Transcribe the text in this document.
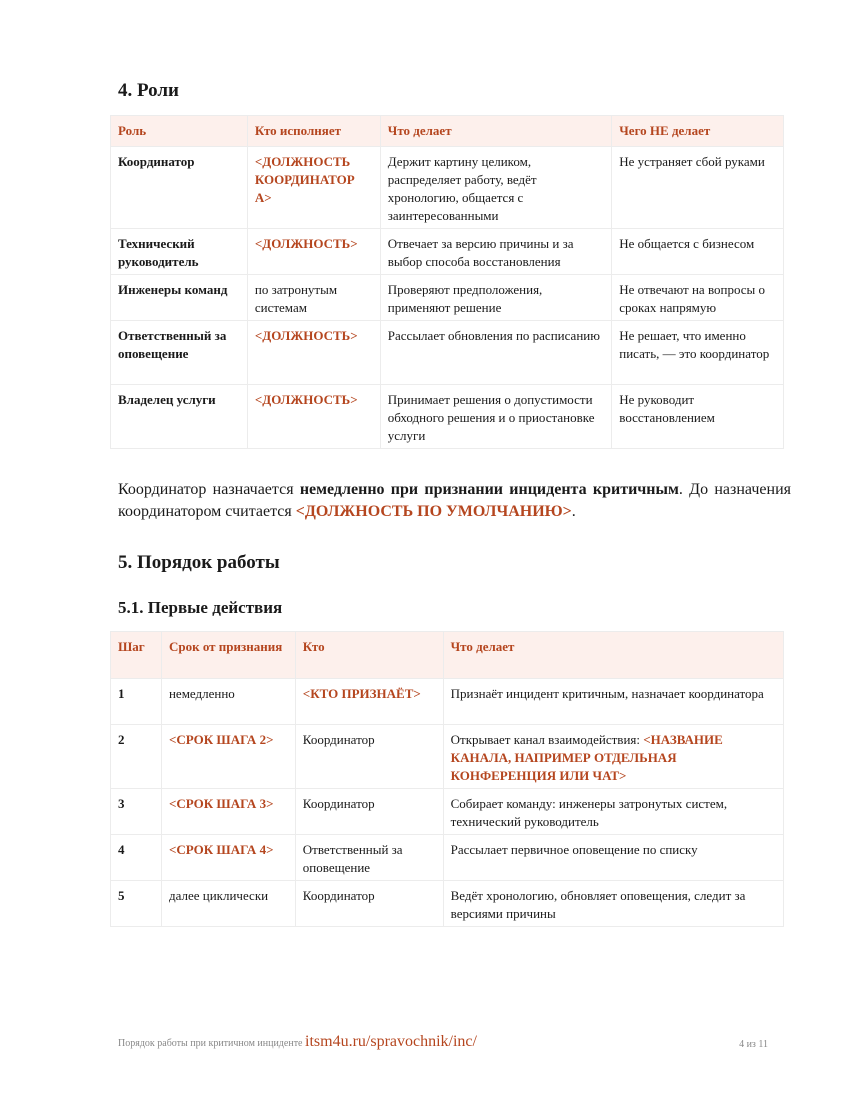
4. Роли
Роль	Кто исполняет	Что делает	Чего НЕ делает
Координатор	<ДОЛЖНОСТЬ КООРДИНАТОР А>	Держит картину целиком, распределяет работу, ведёт хронологию, общается с заинтересованными	Не устраняет сбой руками
Технический руководитель	<ДОЛЖНОСТЬ>	Отвечает за версию причины и за выбор способа восстановления	Не общается с бизнесом
Инженеры команд	по затронутым системам	Проверяют предположения, применяют решение	Не отвечают на вопросы о сроках напрямую
Ответственный за оповещение	<ДОЛЖНОСТЬ>	Рассылает обновления по расписанию	Не решает, что именно писать, — это координатор
Владелец услуги	<ДОЛЖНОСТЬ>	Принимает решения о допустимости обходного решения и о приостановке услуги	Не руководит восстановлением

Координатор назначается немедленно при признании инцидента критичным. До назначения координатором считается <ДОЛЖНОСТЬ ПО УМОЛЧАНИЮ>.

5. Порядок работы
5.1. Первые действия
Шаг	Срок от признания	Кто	Что делает
1	немедленно	<КТО ПРИЗНАЁТ>	Признаёт инцидент критичным, назначает координатора
2	<СРОК ШАГА 2>	Координатор	Открывает канал взаимодействия: <НАЗВАНИЕ КАНАЛА, НАПРИМЕР ОТДЕЛЬНАЯ КОНФЕРЕНЦИЯ ИЛИ ЧАТ>
3	<СРОК ШАГА 3>	Координатор	Собирает команду: инженеры затронутых систем, технический руководитель
4	<СРОК ШАГА 4>	Ответственный за оповещение	Рассылает первичное оповещение по списку
5	далее циклически	Координатор	Ведёт хронологию, обновляет оповещения, следит за версиями причины
Порядок работы при критичном инциденте itsm4u.ru/spravochnik/inc/	4 из 11
